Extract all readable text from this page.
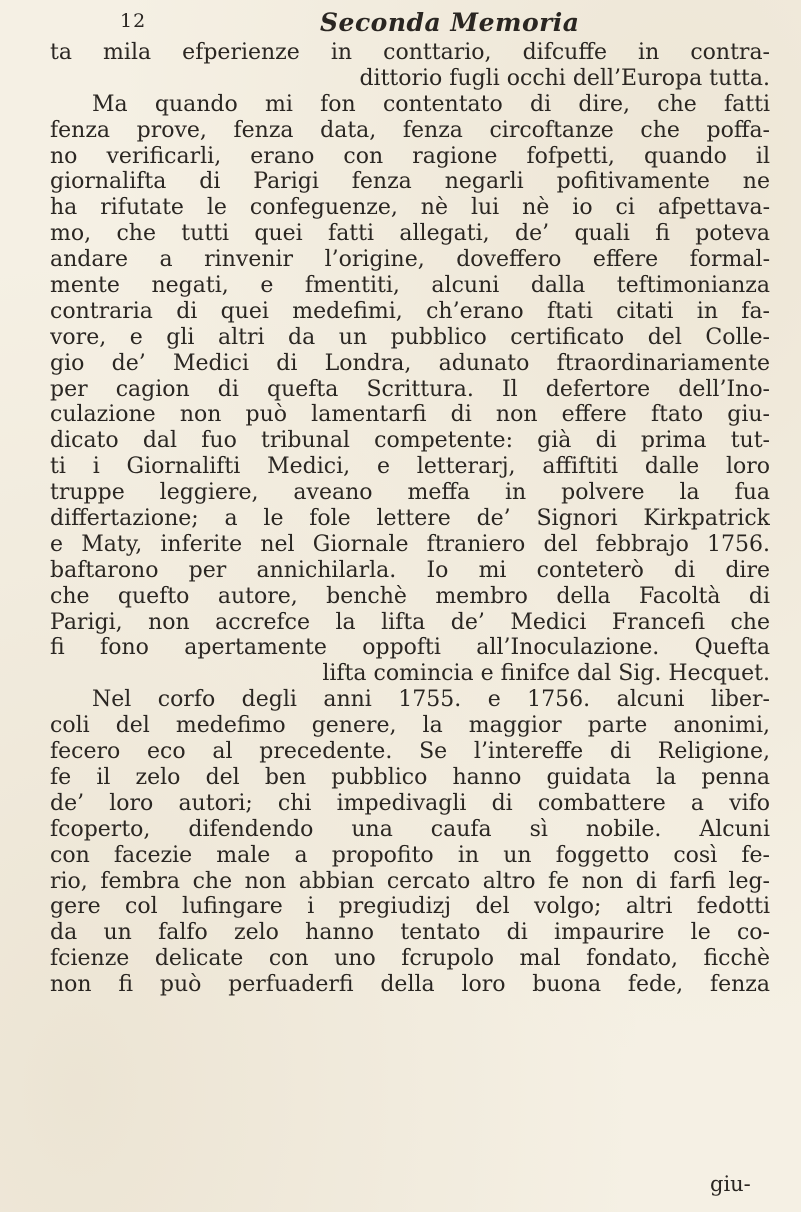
12	Seconda Memoria
ta mila efperienze in conttario, difcuffe in contra-
dittorio fugli occhi dell’Europa tutta.
Ma quando mi fon contentato di dire, che fatti
fenza prove, fenza data, fenza circoftanze che poffa-
no verificarli, erano con ragione fofpetti, quando il
giornalifta di Parigi fenza negarli pofitivamente ne
ha rifutate le confeguenze, nè lui nè io ci afpettava-
mo, che tutti quei fatti allegati, de’ quali fi poteva
andare a rinvenir l’origine, doveffero effere formal-
mente negati, e fmentiti, alcuni dalla teftimonianza
contraria di quei medefimi, ch’erano ftati citati in fa-
vore, e gli altri da un pubblico certificato del Colle-
gio de’ Medici di Londra, adunato ftraordinariamente
per cagion di quefta Scrittura. Il defertore dell’Ino-
culazione non può lamentarfi di non effere ftato giu-
dicato dal fuo tribunal competente: già di prima tut-
ti i Giornalifti Medici, e letterarj, affiftiti dalle loro
truppe leggiere, aveano meffa in polvere la fua
differtazione; a le fole lettere de’ Signori Kirkpatrick
e Maty, inferite nel Giornale ftraniero del febbrajo 1756.
baftarono per annichilarla. Io mi conteterò di dire
che quefto autore, benchè membro della Facoltà di
Parigi, non accrefce la lifta de’ Medici Francefi che
fi fono apertamente oppofti all’Inoculazione. Quefta
lifta comincia e finifce dal Sig. Hecquet.
Nel corfo degli anni 1755. e 1756. alcuni liber-
coli del medefimo genere, la maggior parte anonimi,
fecero eco al precedente. Se l’intereffe di Religione,
fe il zelo del ben pubblico hanno guidata la penna
de’ loro autori; chi impedivagli di combattere a vifo
fcoperto, difendendo una caufa sì nobile. Alcuni
con facezie male a propofito in un foggetto così fe-
rio, fembra che non abbian cercato altro fe non di farfi leg-
gere col lufingare i pregiudizj del volgo; altri fedotti
da un falfo zelo hanno tentato di impaurire le co-
fcienze delicate con uno fcrupolo mal fondato, ficchè
non fi può perfuaderfi della loro buona fede, fenza
giu-
